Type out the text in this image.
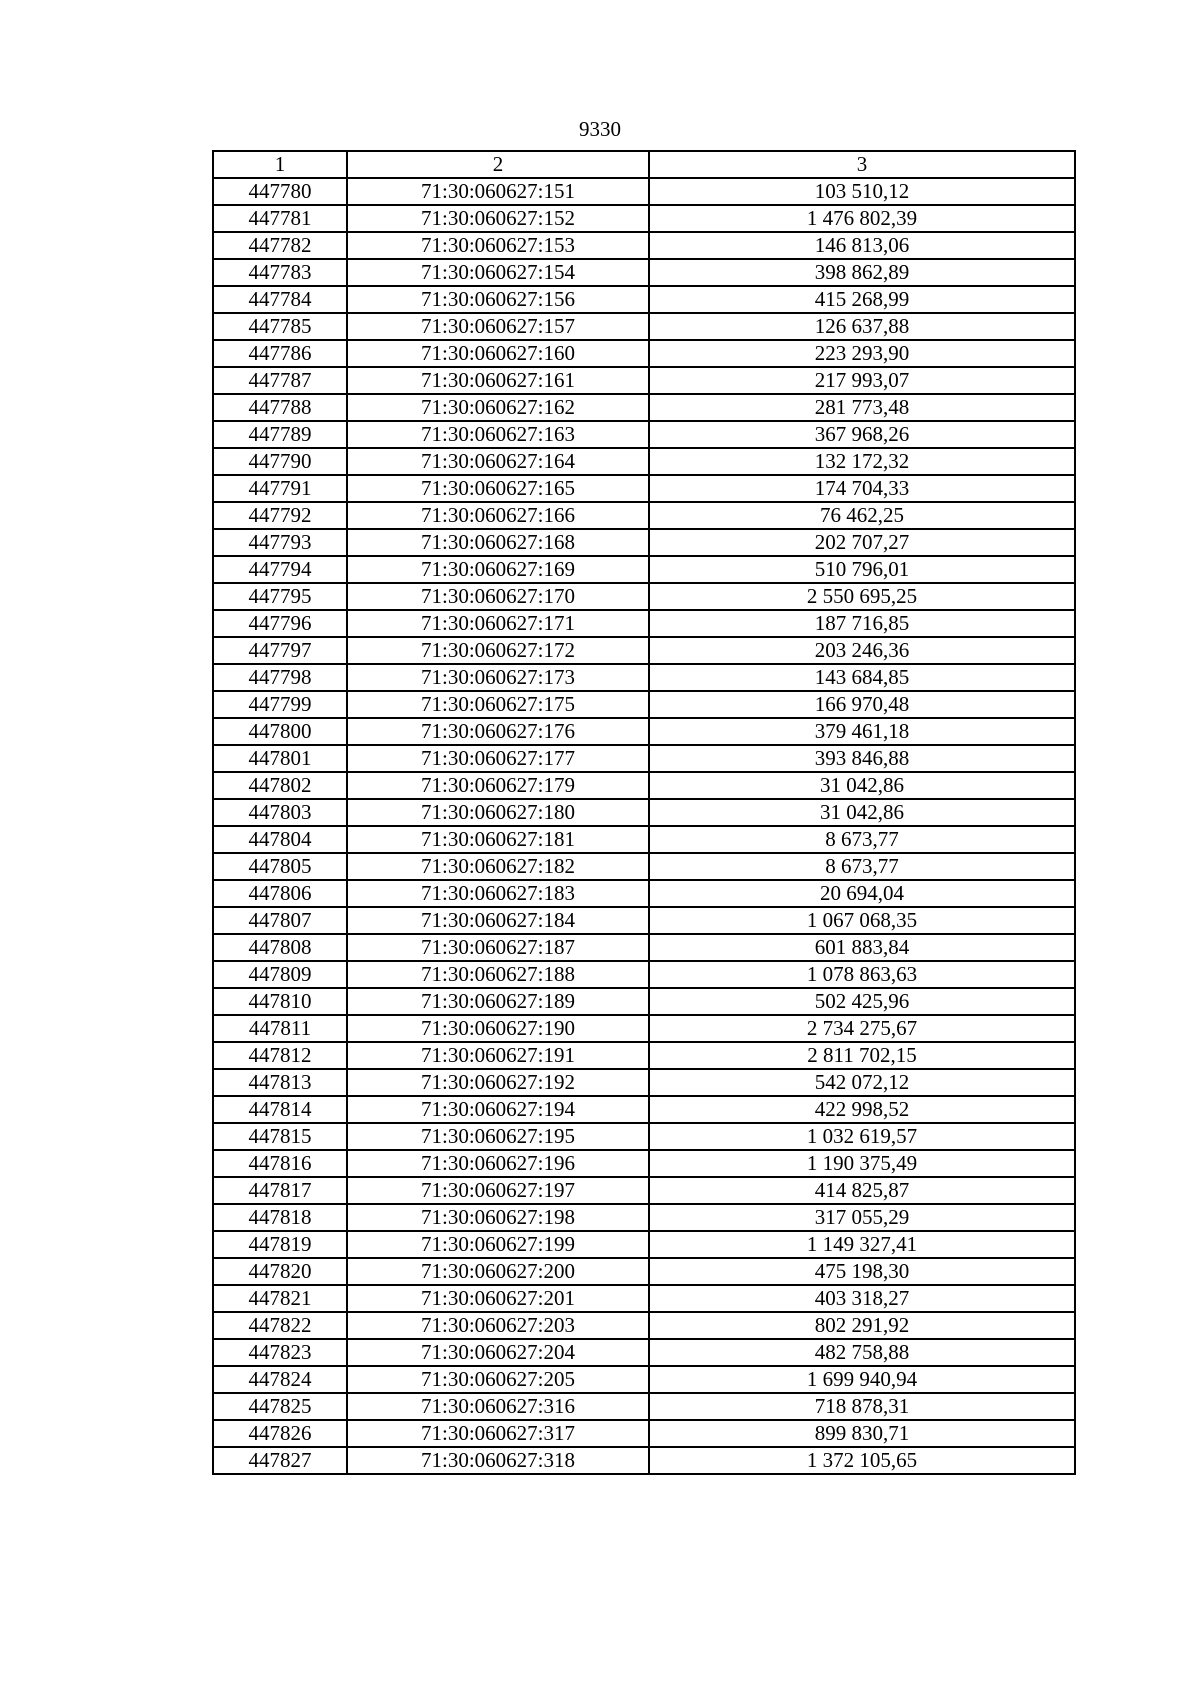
9330
1	2	3
447780	71:30:060627:151	103 510,12
447781	71:30:060627:152	1 476 802,39
447782	71:30:060627:153	146 813,06
447783	71:30:060627:154	398 862,89
447784	71:30:060627:156	415 268,99
447785	71:30:060627:157	126 637,88
447786	71:30:060627:160	223 293,90
447787	71:30:060627:161	217 993,07
447788	71:30:060627:162	281 773,48
447789	71:30:060627:163	367 968,26
447790	71:30:060627:164	132 172,32
447791	71:30:060627:165	174 704,33
447792	71:30:060627:166	76 462,25
447793	71:30:060627:168	202 707,27
447794	71:30:060627:169	510 796,01
447795	71:30:060627:170	2 550 695,25
447796	71:30:060627:171	187 716,85
447797	71:30:060627:172	203 246,36
447798	71:30:060627:173	143 684,85
447799	71:30:060627:175	166 970,48
447800	71:30:060627:176	379 461,18
447801	71:30:060627:177	393 846,88
447802	71:30:060627:179	31 042,86
447803	71:30:060627:180	31 042,86
447804	71:30:060627:181	8 673,77
447805	71:30:060627:182	8 673,77
447806	71:30:060627:183	20 694,04
447807	71:30:060627:184	1 067 068,35
447808	71:30:060627:187	601 883,84
447809	71:30:060627:188	1 078 863,63
447810	71:30:060627:189	502 425,96
447811	71:30:060627:190	2 734 275,67
447812	71:30:060627:191	2 811 702,15
447813	71:30:060627:192	542 072,12
447814	71:30:060627:194	422 998,52
447815	71:30:060627:195	1 032 619,57
447816	71:30:060627:196	1 190 375,49
447817	71:30:060627:197	414 825,87
447818	71:30:060627:198	317 055,29
447819	71:30:060627:199	1 149 327,41
447820	71:30:060627:200	475 198,30
447821	71:30:060627:201	403 318,27
447822	71:30:060627:203	802 291,92
447823	71:30:060627:204	482 758,88
447824	71:30:060627:205	1 699 940,94
447825	71:30:060627:316	718 878,31
447826	71:30:060627:317	899 830,71
447827	71:30:060627:318	1 372 105,65
